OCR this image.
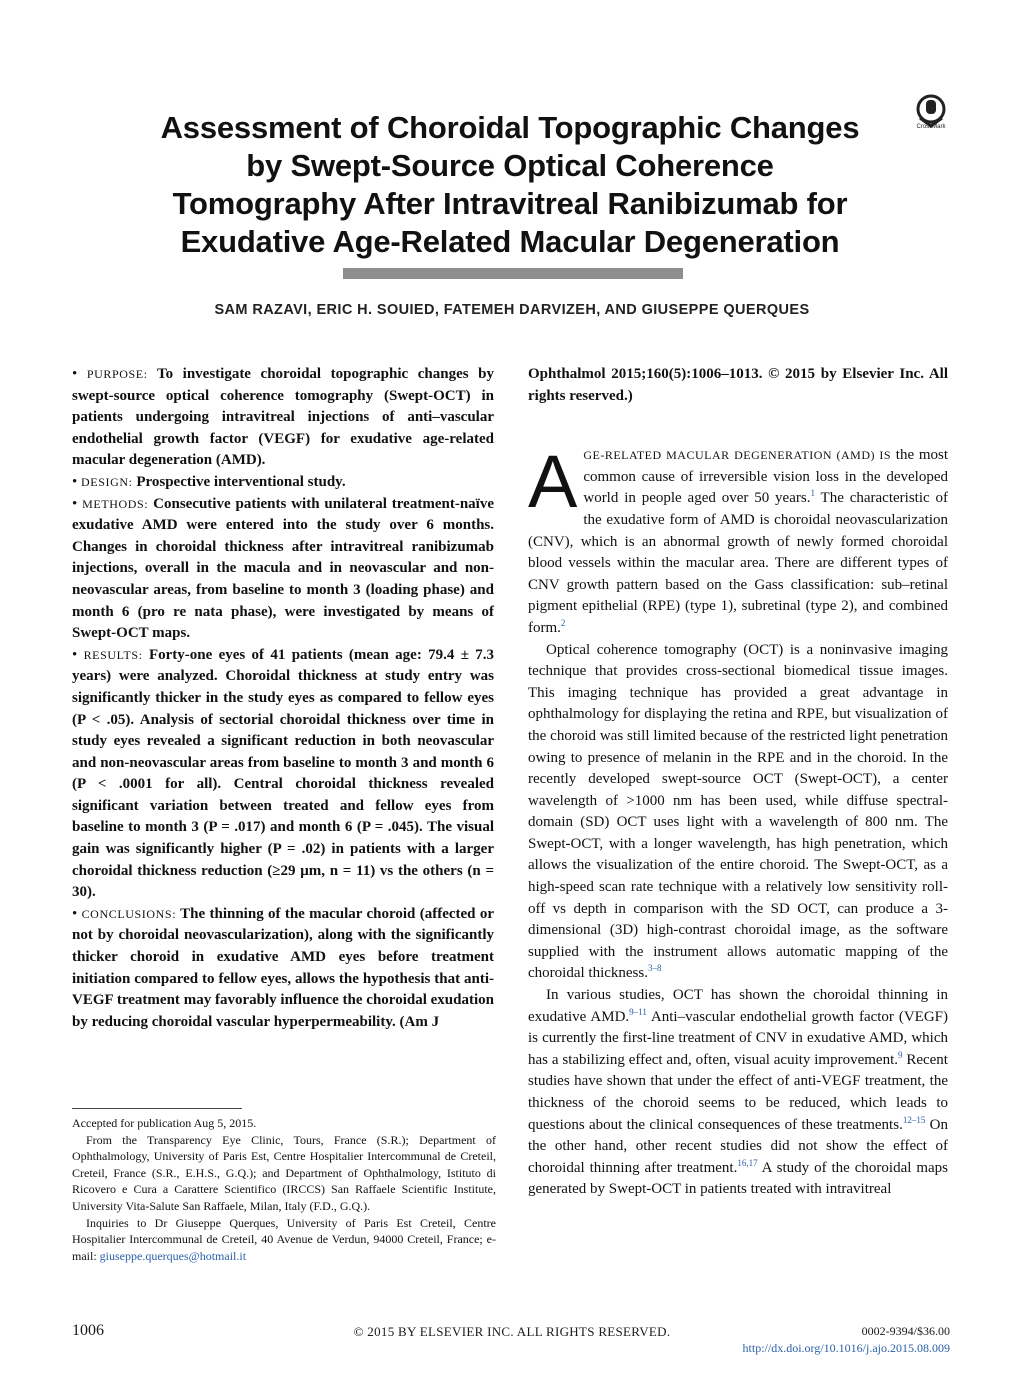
Assessment of Choroidal Topographic Changes
by Swept-Source Optical Coherence
Tomography After Intravitreal Ranibizumab for
Exudative Age-Related Macular Degeneration
CrossMark
SAM RAZAVI, ERIC H. SOUIED, FATEMEH DARVIZEH, AND GIUSEPPE QUERQUES

• PURPOSE: To investigate choroidal topographic changes by swept-source optical coherence tomography (Swept-OCT) in patients undergoing intravitreal injections of anti–vascular endothelial growth factor (VEGF) for exudative age-related macular degeneration (AMD).

• DESIGN: Prospective interventional study.

• METHODS: Consecutive patients with unilateral treatment-naïve exudative AMD were entered into the study over 6 months. Changes in choroidal thickness after intravitreal ranibizumab injections, overall in the macula and in neovascular and non-neovascular areas, from baseline to month 3 (loading phase) and month 6 (pro re nata phase), were investigated by means of Swept-OCT maps.

• RESULTS: Forty-one eyes of 41 patients (mean age: 79.4 ± 7.3 years) were analyzed. Choroidal thickness at study entry was significantly thicker in the study eyes as compared to fellow eyes (P < .05). Analysis of sectorial choroidal thickness over time in study eyes revealed a significant reduction in both neovascular and non-neovascular areas from baseline to month 3 and month 6 (P < .0001 for all). Central choroidal thickness revealed significant variation between treated and fellow eyes from baseline to month 3 (P = .017) and month 6 (P = .045). The visual gain was significantly higher (P = .02) in patients with a larger choroidal thickness reduction (≥29 μm, n = 11) vs the others (n = 30).

• CONCLUSIONS: The thinning of the macular choroid (affected or not by choroidal neovascularization), along with the significantly thicker choroid in exudative AMD eyes before treatment initiation compared to fellow eyes, allows the hypothesis that anti-VEGF treatment may favorably influence the choroidal exudation by reducing choroidal vascular hyperpermeability. (Am J

Ophthalmol 2015;160(5):1006–1013. © 2015 by Elsevier Inc. All rights reserved.)

AGE-RELATED MACULAR DEGENERATION (AMD) IS the most common cause of irreversible vision loss in the developed world in people aged over 50 years.$^1$ The characteristic of the exudative form of AMD is choroidal neovascularization (CNV), which is an abnormal growth of newly formed choroidal blood vessels within the macular area. There are different types of CNV growth pattern based on the Gass classification: sub–retinal pigment epithelial (RPE) (type 1), subretinal (type 2), and combined form.$^2$

Optical coherence tomography (OCT) is a noninvasive imaging technique that provides cross-sectional biomedical tissue images. This imaging technique has provided a great advantage in ophthalmology for displaying the retina and RPE, but visualization of the choroid was still limited because of the restricted light penetration owing to presence of melanin in the RPE and in the choroid. In the recently developed swept-source OCT (Swept-OCT), a center wavelength of >1000 nm has been used, while diffuse spectral-domain (SD) OCT uses light with a wavelength of 800 nm. The Swept-OCT, with a longer wavelength, has high penetration, which allows the visualization of the entire choroid. The Swept-OCT, as a high-speed scan rate technique with a relatively low sensitivity roll-off vs depth in comparison with the SD OCT, can produce a 3-dimensional (3D) high-contrast choroidal image, as the software supplied with the instrument allows automatic mapping of the choroidal thickness.$^{3-8}$

In various studies, OCT has shown the choroidal thinning in exudative AMD.$^{9-11}$ Anti–vascular endothelial growth factor (VEGF) is currently the first-line treatment of CNV in exudative AMD, which has a stabilizing effect and, often, visual acuity improvement.$^9$ Recent studies have shown that under the effect of anti-VEGF treatment, the thickness of the choroid seems to be reduced, which leads to questions about the clinical consequences of these treatments.$^{12-15}$ On the other hand, other recent studies did not show the effect of choroidal thinning after treatment.$^{16,17}$ A study of the choroidal maps generated by Swept-OCT in patients treated with intravitreal

Accepted for publication Aug 5, 2015.

From the Transparency Eye Clinic, Tours, France (S.R.); Department of Ophthalmology, University of Paris Est, Centre Hospitalier Intercommunal de Creteil, Creteil, France (S.R., E.H.S., G.Q.); and Department of Ophthalmology, Istituto di Ricovero e Cura a Carattere Scientifico (IRCCS) San Raffaele Scientific Institute, University Vita-Salute San Raffaele, Milan, Italy (F.D., G.Q.).

Inquiries to Dr Giuseppe Querques, University of Paris Est Creteil, Centre Hospitalier Intercommunal de Creteil, 40 Avenue de Verdun, 94000 Creteil, France; e-mail: giuseppe.querques@hotmail.it

1006	© 2015 BY ELSEVIER INC. ALL RIGHTS RESERVED.	0002-9394/$36.00
http://dx.doi.org/10.1016/j.ajo.2015.08.009
